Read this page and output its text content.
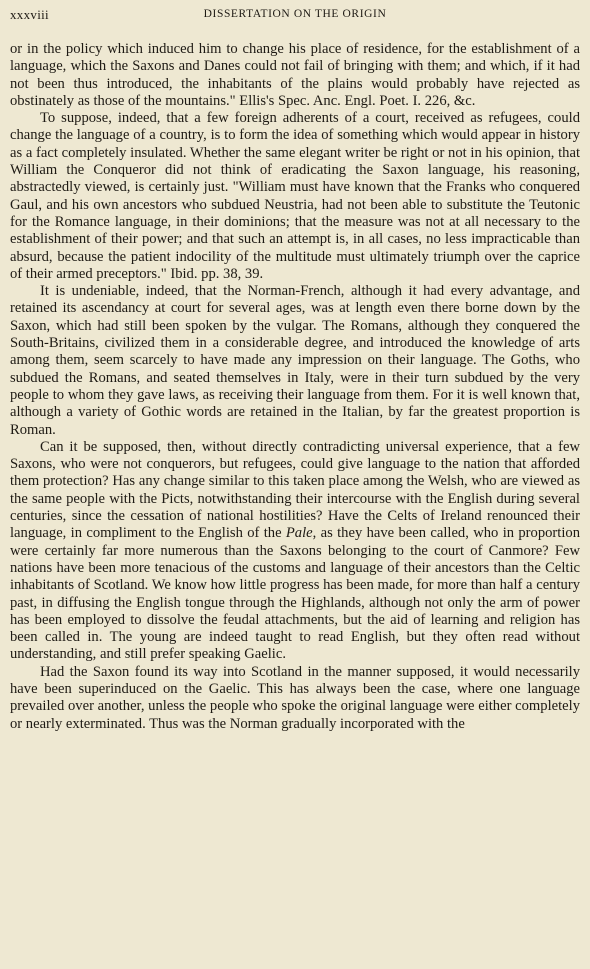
xxxviii	DISSERTATION ON THE ORIGIN

or in the policy which induced him to change his place of residence, for the establishment of a language, which the Saxons and Danes could not fail of bringing with them; and which, if it had not been thus introduced, the inhabitants of the plains would probably have rejected as obstinately as those of the mountains." Ellis's Spec. Anc. Engl. Poet. I. 226, &c.

To suppose, indeed, that a few foreign adherents of a court, received as refugees, could change the language of a country, is to form the idea of something which would appear in history as a fact completely insulated. Whether the same elegant writer be right or not in his opinion, that William the Conqueror did not think of eradicating the Saxon language, his reasoning, abstractedly viewed, is certainly just. "William must have known that the Franks who conquered Gaul, and his own ancestors who subdued Neustria, had not been able to substitute the Teutonic for the Romance language, in their dominions; that the measure was not at all necessary to the establishment of their power; and that such an attempt is, in all cases, no less impracticable than absurd, because the patient indocility of the multitude must ultimately triumph over the caprice of their armed preceptors." Ibid. pp. 38, 39.

It is undeniable, indeed, that the Norman-French, although it had every advantage, and retained its ascendancy at court for several ages, was at length even there borne down by the Saxon, which had still been spoken by the vulgar. The Romans, although they conquered the South-Britains, civilized them in a considerable degree, and introduced the knowledge of arts among them, seem scarcely to have made any impression on their language. The Goths, who subdued the Romans, and seated themselves in Italy, were in their turn subdued by the very people to whom they gave laws, as receiving their language from them. For it is well known that, although a variety of Gothic words are retained in the Italian, by far the greatest proportion is Roman.

Can it be supposed, then, without directly contradicting universal experience, that a few Saxons, who were not conquerors, but refugees, could give language to the nation that afforded them protection? Has any change similar to this taken place among the Welsh, who are viewed as the same people with the Picts, notwithstanding their intercourse with the English during several centuries, since the cessation of national hostilities? Have the Celts of Ireland renounced their language, in compliment to the English of the Pale, as they have been called, who in proportion were certainly far more numerous than the Saxons belonging to the court of Canmore? Few nations have been more tenacious of the customs and language of their ancestors than the Celtic inhabitants of Scotland. We know how little progress has been made, for more than half a century past, in diffusing the English tongue through the Highlands, although not only the arm of power has been employed to dissolve the feudal attachments, but the aid of learning and religion has been called in. The young are indeed taught to read English, but they often read without understanding, and still prefer speaking Gaelic.

Had the Saxon found its way into Scotland in the manner supposed, it would necessarily have been superinduced on the Gaelic. This has always been the case, where one language prevailed over another, unless the people who spoke the original language were either completely or nearly exterminated. Thus was the Norman gradually incorporated with the
